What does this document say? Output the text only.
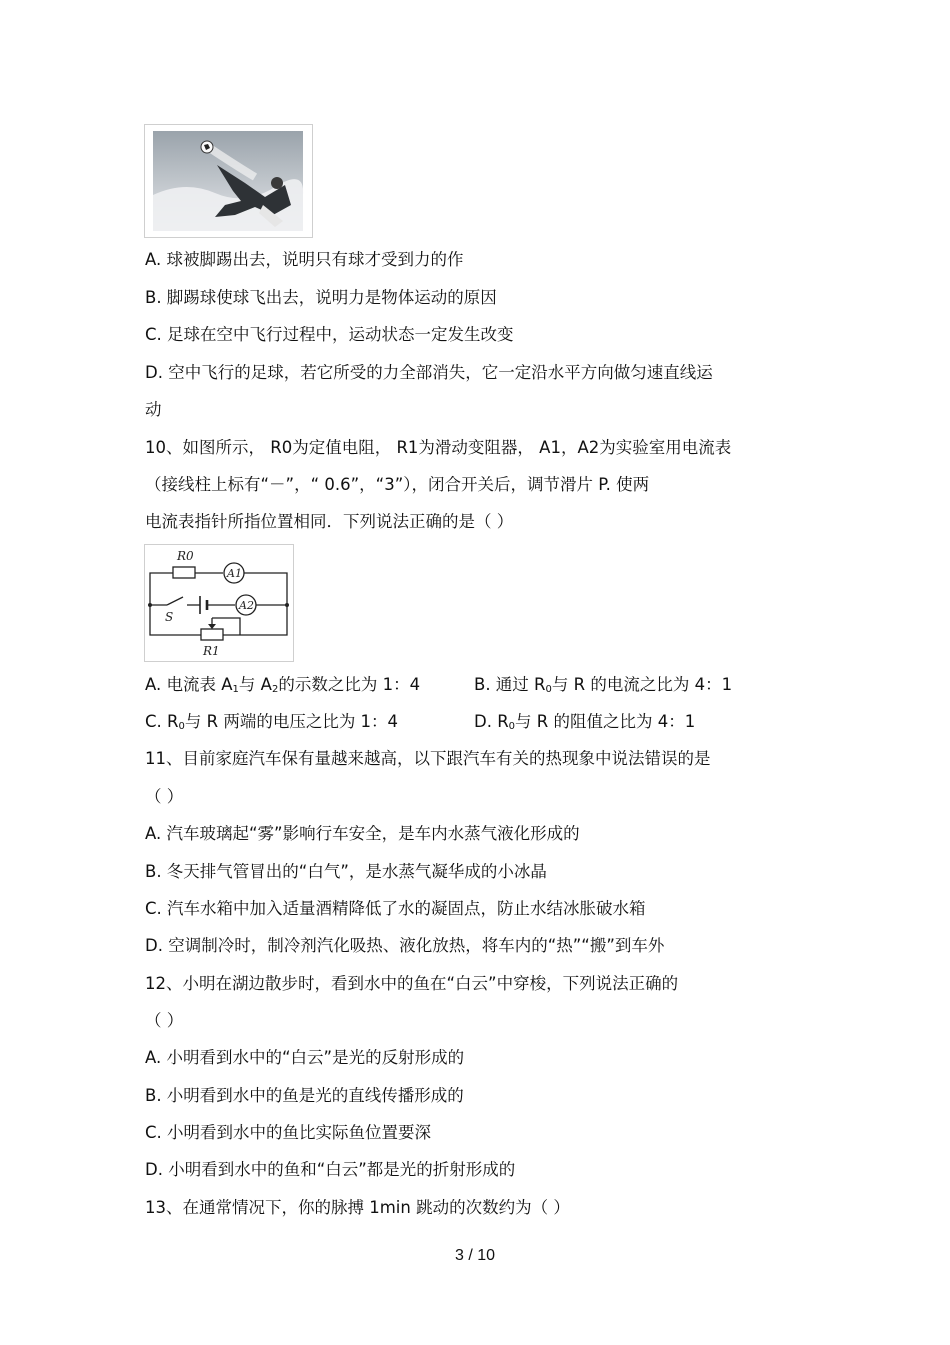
A. 球被脚踢出去，说明只有球才受到力的作
B. 脚踢球使球飞出去，说明力是物体运动的原因
C. 足球在空中飞行过程中，运动状态一定发生改变
D. 空中飞行的足球，若它所受的力全部消失，它一定沿水平方向做匀速直线运
动
10、如图所示， R0为定值电阻， R1为滑动变阻器， A1，A2为实验室用电流表
（接线柱上标有“－”，“ 0.6”，“3”），闭合开关后，调节滑片 P. 使两
电流表指针所指位置相同．下列说法正确的是（ ）
R0
A1
A2
S
R1
A. 电流表 $A_1$与 $A_2$的示数之比为 1：4	B. 通过 $R_0$与 R 的电流之比为 4：1
C. $R_0$与 R 两端的电压之比为 1：4	D. $R_0$与 R 的阻值之比为 4：1
11、目前家庭汽车保有量越来越高，以下跟汽车有关的热现象中说法错误的是
（ ）
A. 汽车玻璃起“雾”影响行车安全，是车内水蒸气液化形成的
B. 冬天排气管冒出的“白气”，是水蒸气凝华成的小冰晶
C. 汽车水箱中加入适量酒精降低了水的凝固点，防止水结冰胀破水箱
D. 空调制冷时，制冷剂汽化吸热、液化放热，将车内的“热”“搬”到车外
12、小明在湖边散步时，看到水中的鱼在“白云”中穿梭，下列说法正确的
（ ）
A. 小明看到水中的“白云”是光的反射形成的
B. 小明看到水中的鱼是光的直线传播形成的
C. 小明看到水中的鱼比实际鱼位置要深
D. 小明看到水中的鱼和“白云”都是光的折射形成的
13、在通常情况下，你的脉搏 1min 跳动的次数约为（ ）
3 / 10
